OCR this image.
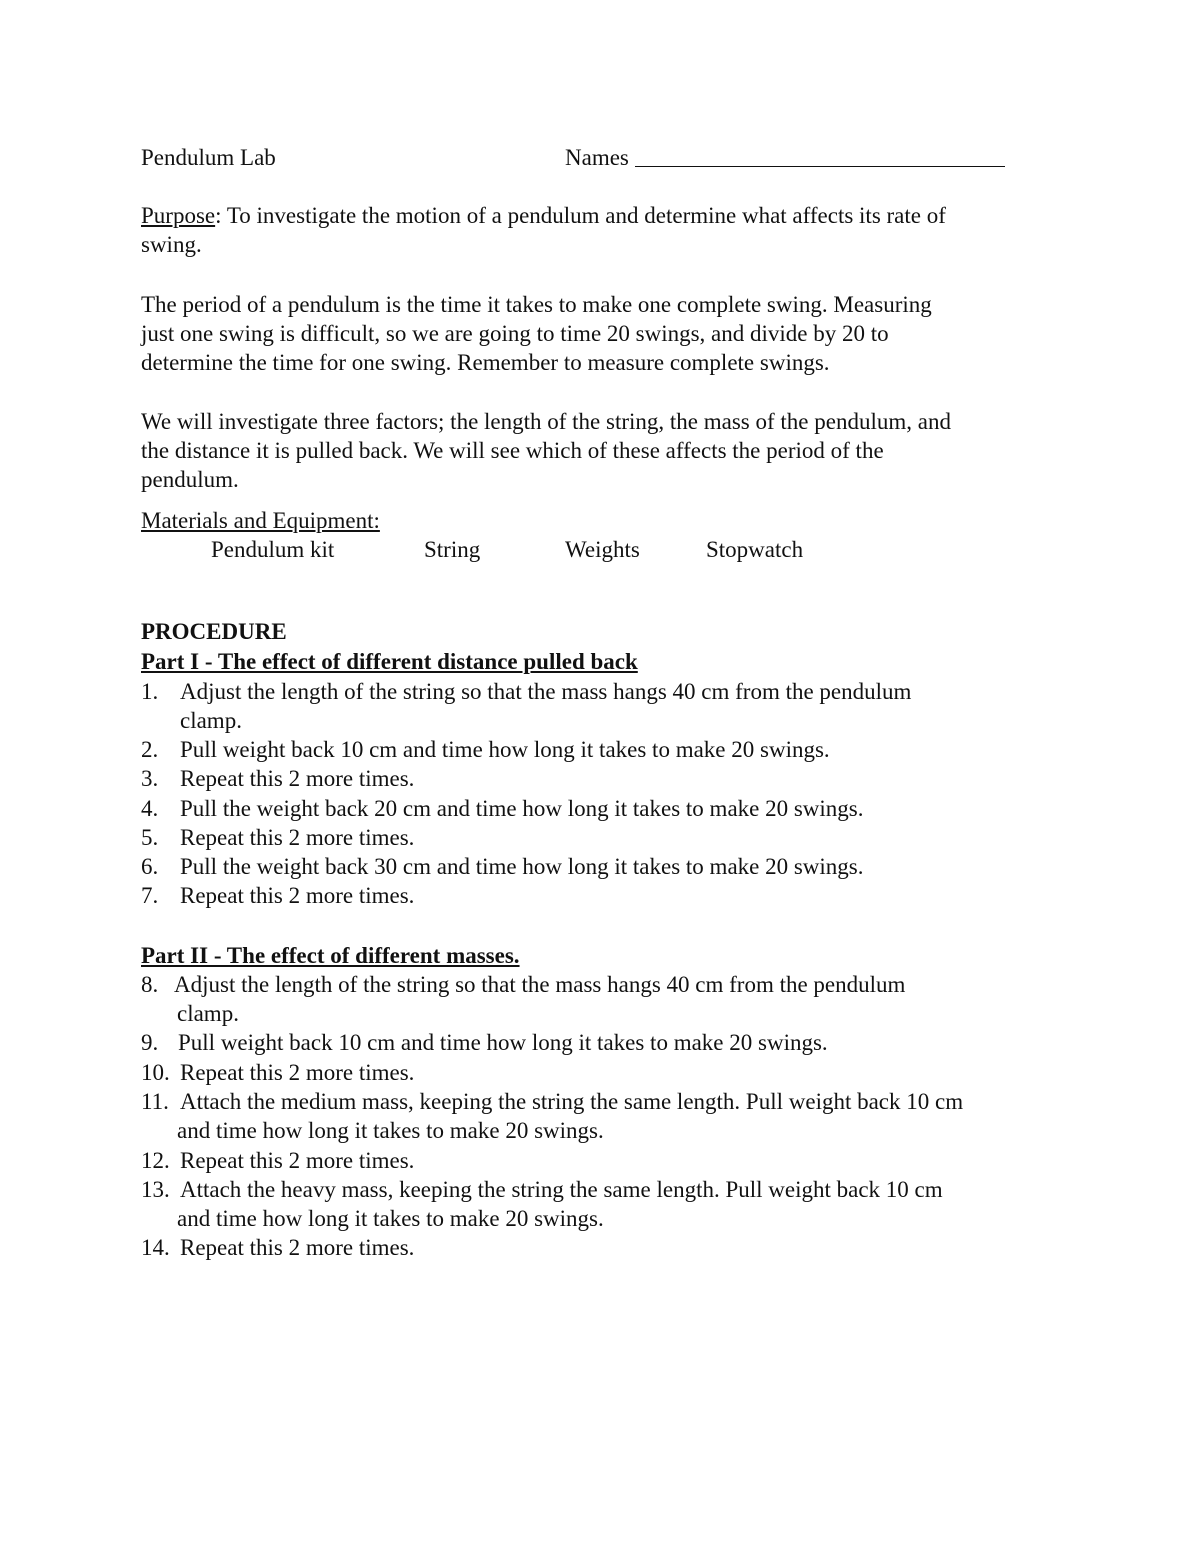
Pendulum Lab	Names
Purpose: To investigate the motion of a pendulum and determine what affects its rate of
swing.
The period of a pendulum is the time it takes to make one complete swing. Measuring
just one swing is difficult, so we are going to time 20 swings, and divide by 20 to
determine the time for one swing. Remember to measure complete swings.
We will investigate three factors; the length of the string, the mass of the pendulum, and
the distance it is pulled back. We will see which of these affects the period of the
pendulum.
Materials and Equipment:
Pendulum kit	String	Weights	Stopwatch
PROCEDURE
Part I - The effect of different distance pulled back
1. Adjust the length of the string so that the mass hangs 40 cm from the pendulum
clamp.
2. Pull weight back 10 cm and time how long it takes to make 20 swings.
3. Repeat this 2 more times.
4. Pull the weight back 20 cm and time how long it takes to make 20 swings.
5. Repeat this 2 more times.
6. Pull the weight back 30 cm and time how long it takes to make 20 swings.
7. Repeat this 2 more times.
Part II - The effect of different masses.
8. Adjust the length of the string so that the mass hangs 40 cm from the pendulum
clamp.
9. Pull weight back 10 cm and time how long it takes to make 20 swings.
10. Repeat this 2 more times.
11. Attach the medium mass, keeping the string the same length. Pull weight back 10 cm
and time how long it takes to make 20 swings.
12. Repeat this 2 more times.
13. Attach the heavy mass, keeping the string the same length. Pull weight back 10 cm
and time how long it takes to make 20 swings.
14. Repeat this 2 more times.
